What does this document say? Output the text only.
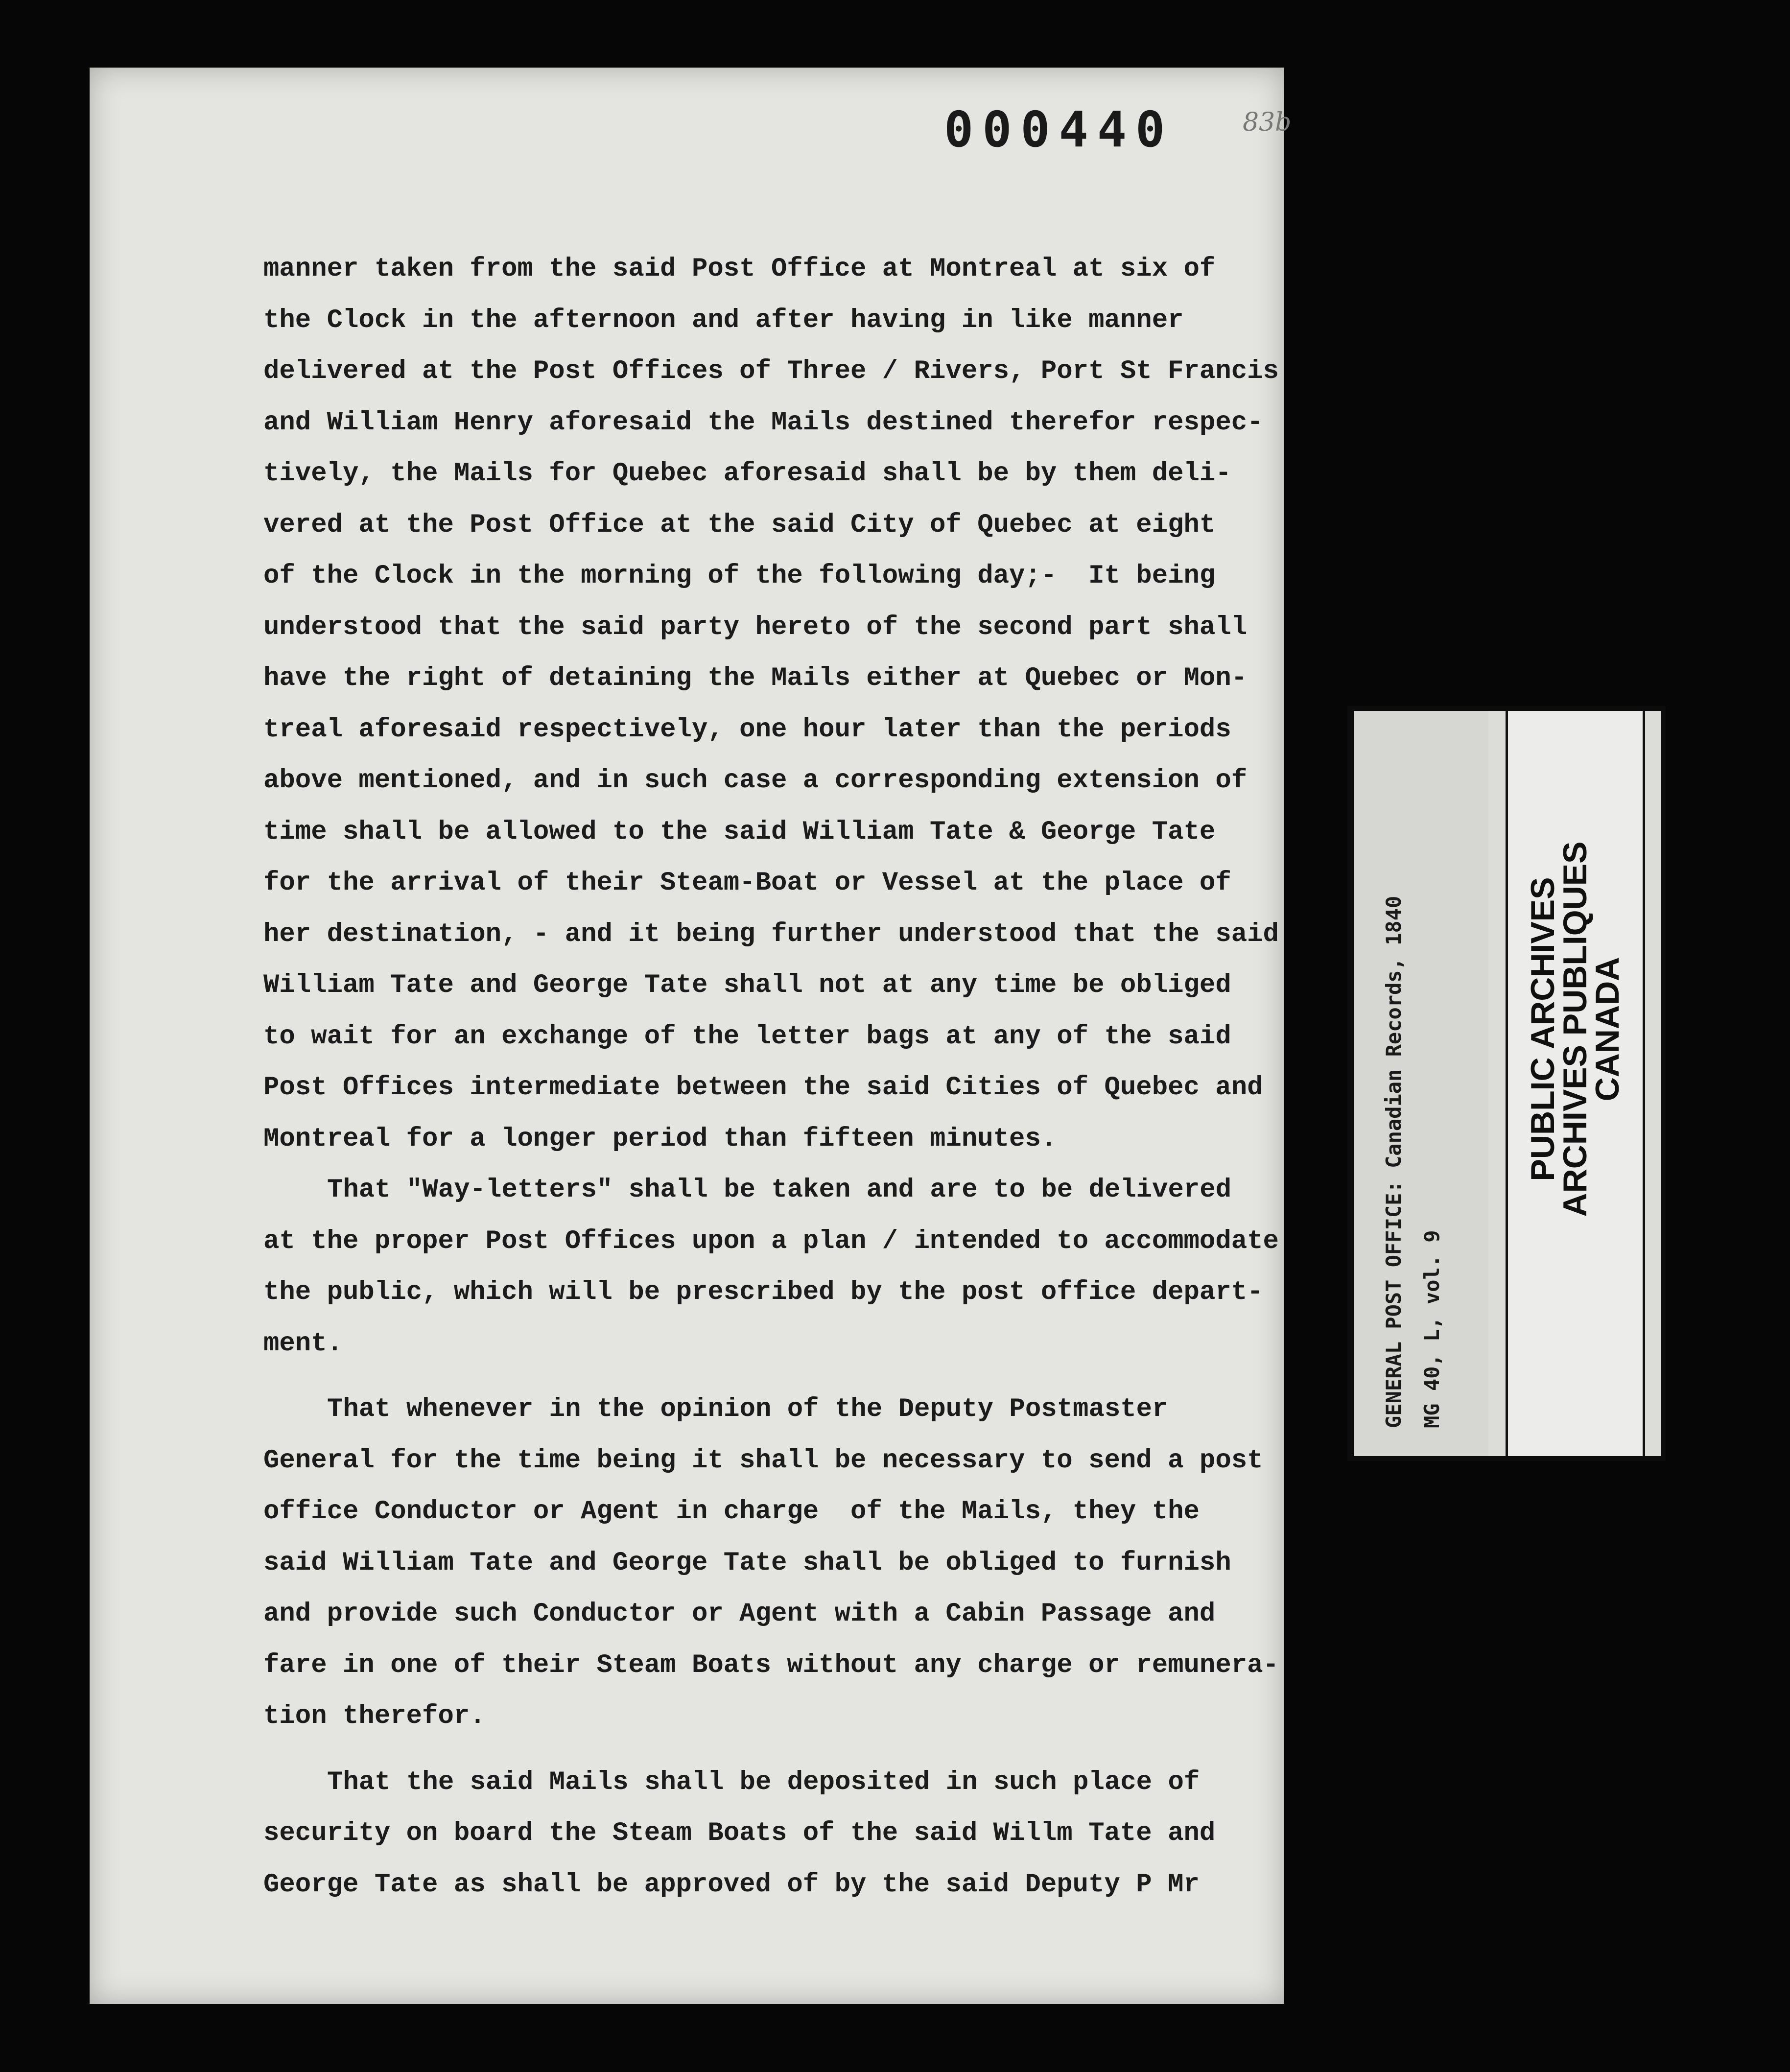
000440	83b
manner taken from the said Post Office at Montreal at six of
the Clock in the afternoon and after having in like manner
delivered at the Post Offices of Three / Rivers, Port St Francis
and William Henry aforesaid the Mails destined therefor respec-
tively, the Mails for Quebec aforesaid shall be by them deli-
vered at the Post Office at the said City of Quebec at eight
of the Clock in the morning of the following day;-  It being
understood that the said party hereto of the second part shall
have the right of detaining the Mails either at Quebec or Mon-
treal aforesaid respectively, one hour later than the periods
above mentioned, and in such case a corresponding extension of
time shall be allowed to the said William Tate & George Tate
for the arrival of their Steam-Boat or Vessel at the place of
her destination, - and it being further understood that the said
William Tate and George Tate shall not at any time be obliged
to wait for an exchange of the letter bags at any of the said
Post Offices intermediate between the said Cities of Quebec and
Montreal for a longer period than fifteen minutes.
That "Way-letters" shall be taken and are to be delivered
at the proper Post Offices upon a plan / intended to accommodate
the public, which will be prescribed by the post office depart-
ment.
That whenever in the opinion of the Deputy Postmaster
General for the time being it shall be necessary to send a post
office Conductor or Agent in charge  of the Mails, they the
said William Tate and George Tate shall be obliged to furnish
and provide such Conductor or Agent with a Cabin Passage and
fare in one of their Steam Boats without any charge or remunera-
tion therefor.
That the said Mails shall be deposited in such place of
security on board the Steam Boats of the said Willm Tate and
George Tate as shall be approved of by the said Deputy P Mr
GENERAL POST OFFICE: Canadian Records, 1840 MG 40, L, vol. 9
PUBLIC ARCHIVES
ARCHIVES PUBLIQUES
CANADA
